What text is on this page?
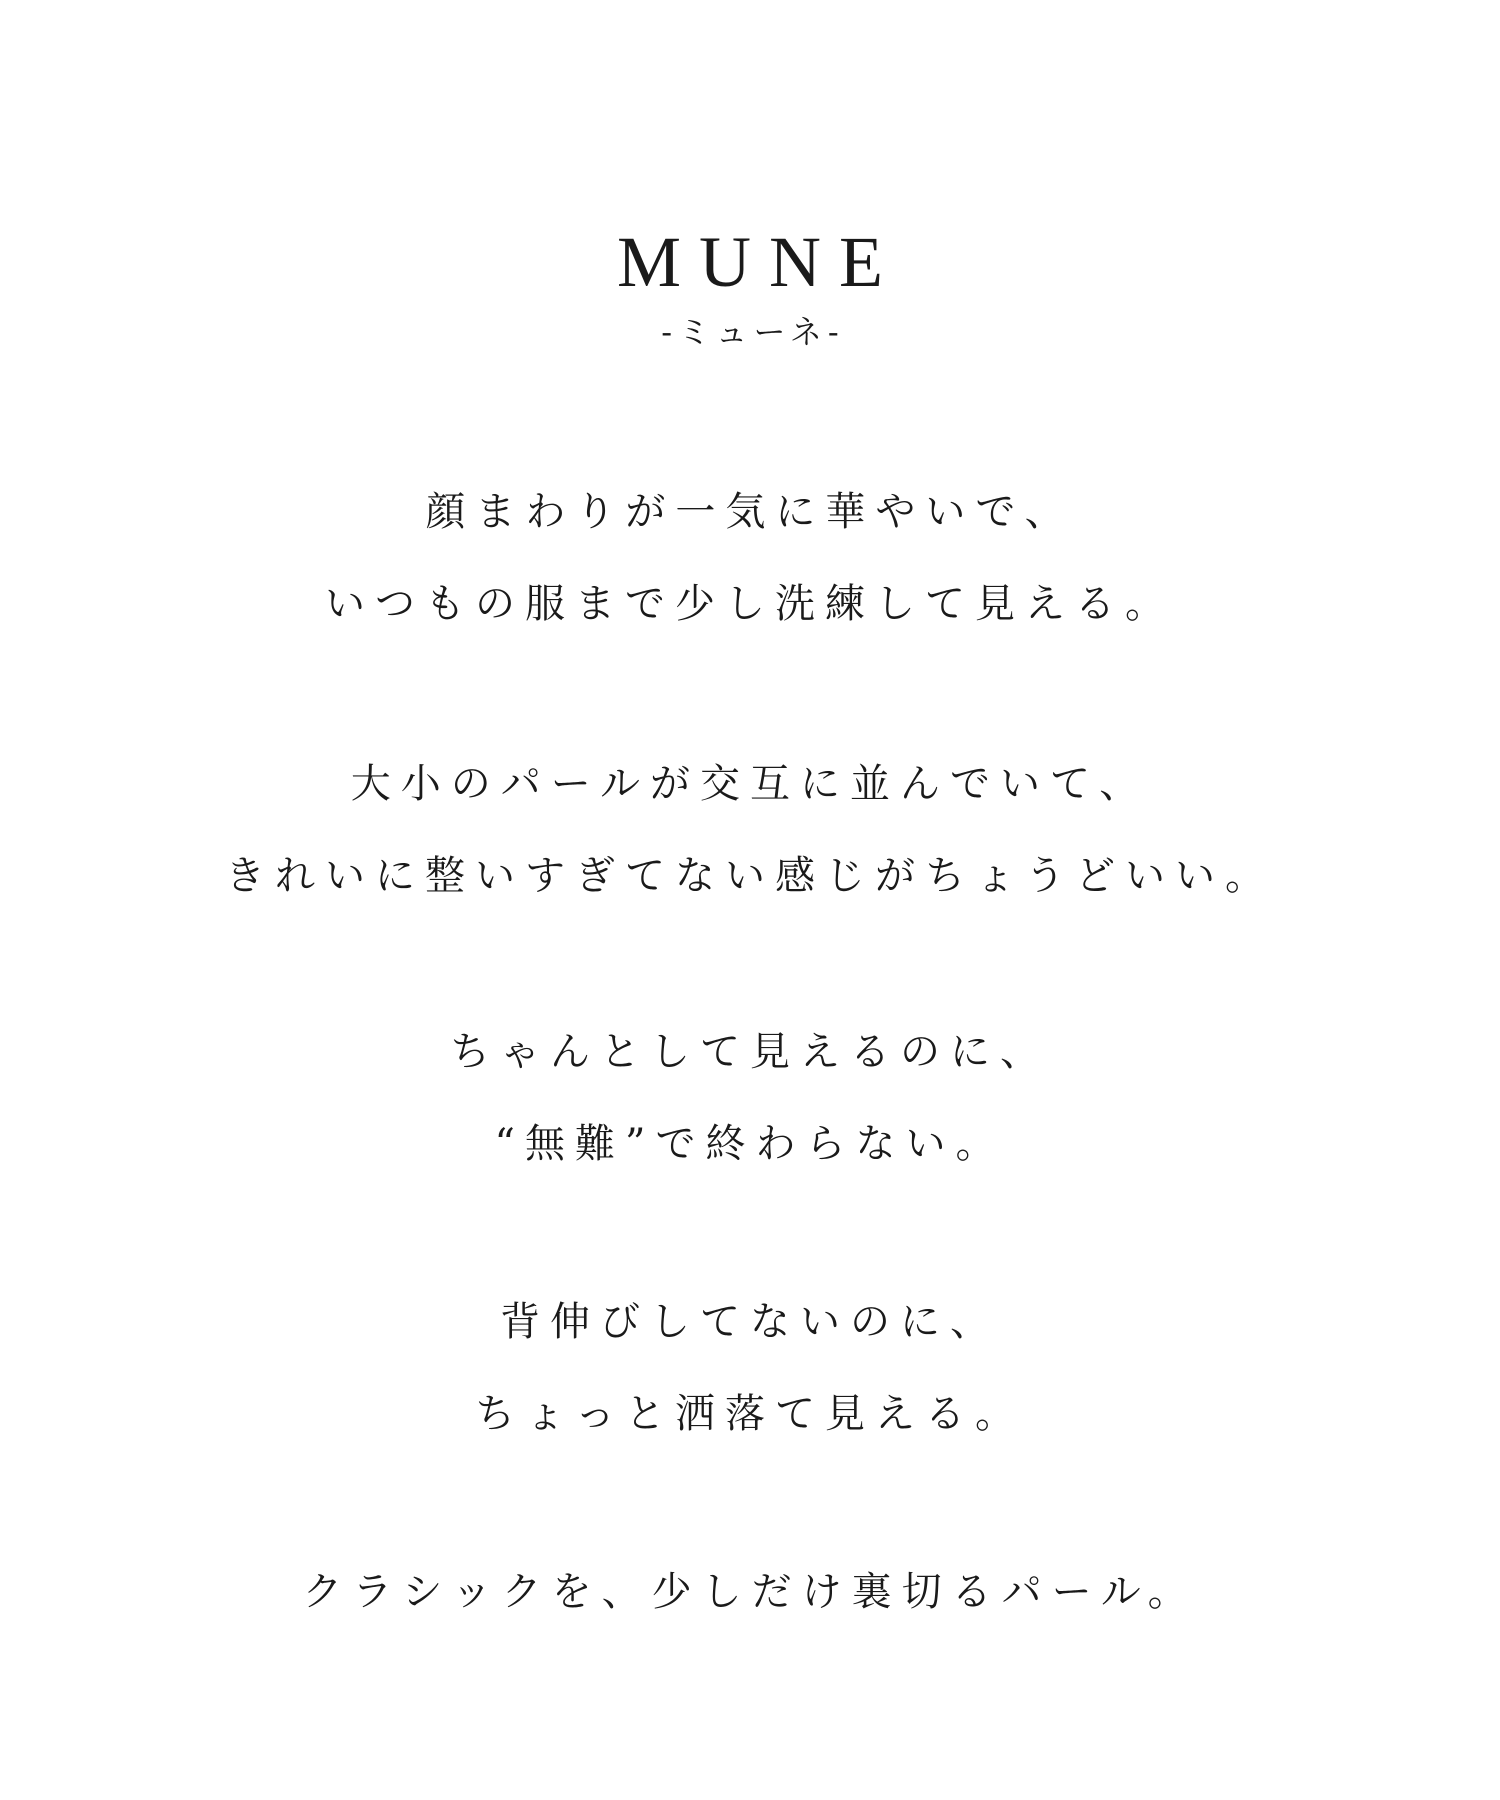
MUNE
-ミューネ-
顔まわりが一気に華やいで、
いつもの服まで少し洗練して見える。
大小のパールが交互に並んでいて、
きれいに整いすぎてない感じがちょうどいい。
ちゃんとして見えるのに、
“無難”で終わらない。
背伸びしてないのに、
ちょっと洒落て見える。
クラシックを、少しだけ裏切るパール。
